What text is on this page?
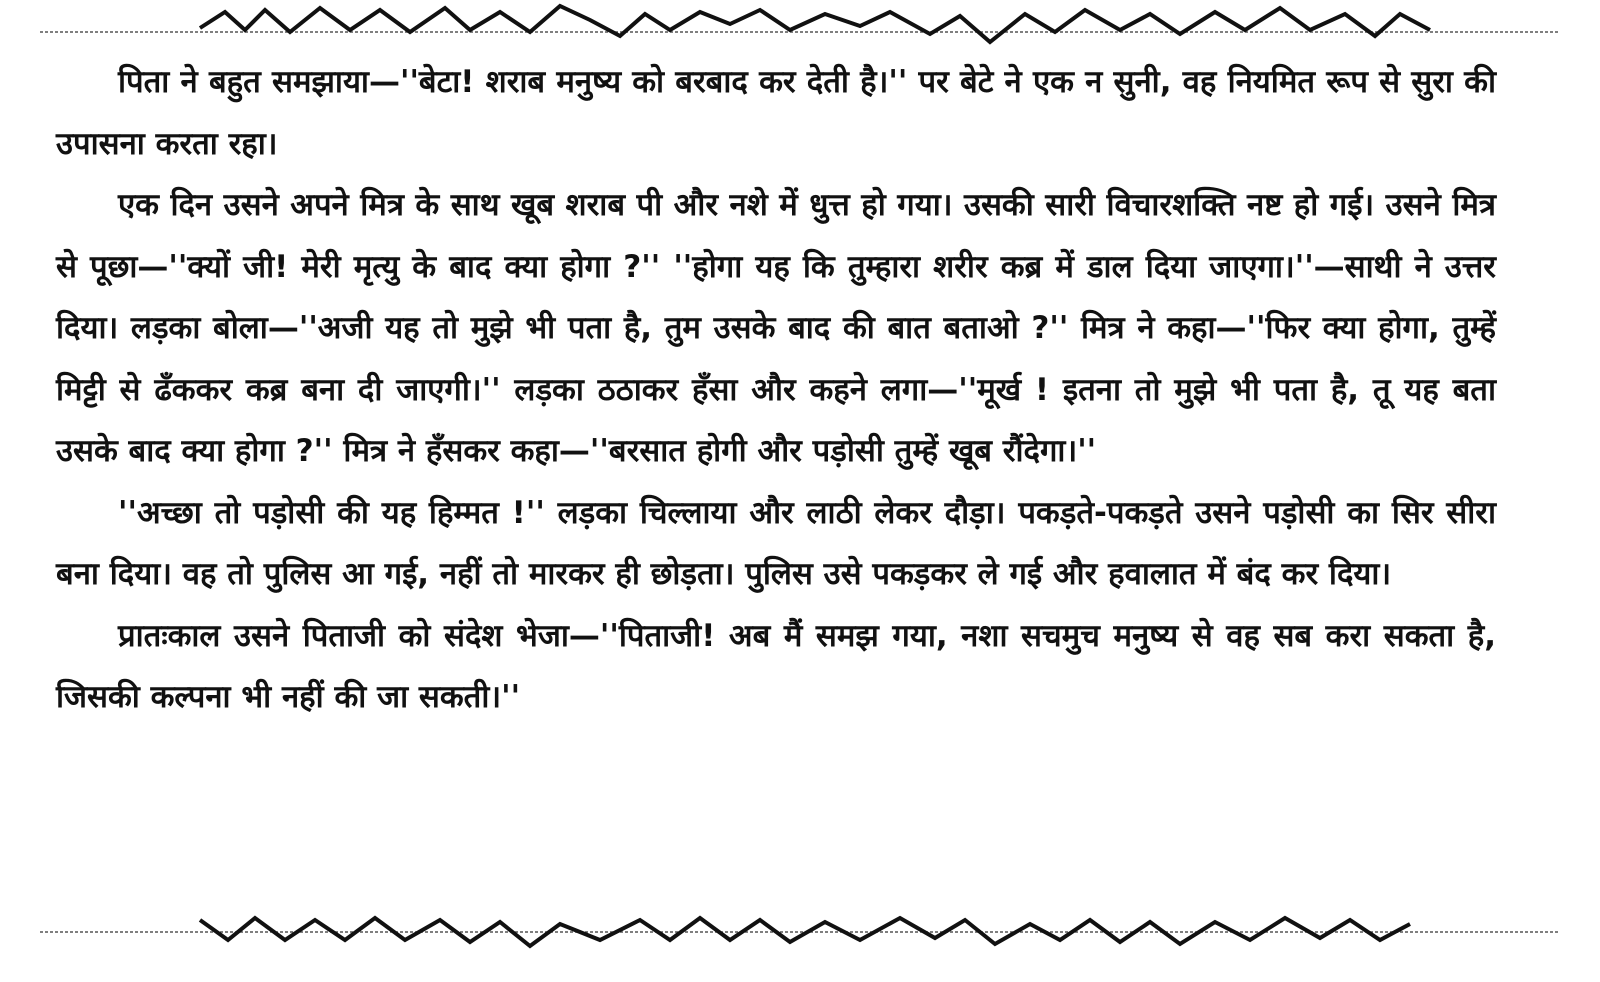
पिता ने बहुत समझाया—''बेटा! शराब मनुष्य को बरबाद कर देती है।'' पर बेटे ने एक न सुनी, वह नियमित रूप से सुरा की उपासना करता रहा।

एक दिन उसने अपने मित्र के साथ खूब शराब पी और नशे में धुत्त हो गया। उसकी सारी विचारशक्ति नष्ट हो गई। उसने मित्र से पूछा—''क्यों जी! मेरी मृत्यु के बाद क्या होगा ?'' ''होगा यह कि तुम्हारा शरीर कब्र में डाल दिया जाएगा।''—साथी ने उत्तर दिया। लड़का बोला—''अजी यह तो मुझे भी पता है, तुम उसके बाद की बात बताओ ?'' मित्र ने कहा—''फिर क्या होगा, तुम्हें मिट्टी से ढँककर कब्र बना दी जाएगी।'' लड़का ठठाकर हँसा और कहने लगा—''मूर्ख ! इतना तो मुझे भी पता है, तू यह बता उसके बाद क्या होगा ?'' मित्र ने हँसकर कहा—''बरसात होगी और पड़ोसी तुम्हें खूब रौंदेगा।''

''अच्छा तो पड़ोसी की यह हिम्मत !'' लड़का चिल्लाया और लाठी लेकर दौड़ा। पकड़ते-पकड़ते उसने पड़ोसी का सिर सीरा बना दिया। वह तो पुलिस आ गई, नहीं तो मारकर ही छोड़ता। पुलिस उसे पकड़कर ले गई और हवालात में बंद कर दिया।

प्रातःकाल उसने पिताजी को संदेश भेजा—''पिताजी! अब मैं समझ गया, नशा सचमुच मनुष्य से वह सब करा सकता है, जिसकी कल्पना भी नहीं की जा सकती।''
